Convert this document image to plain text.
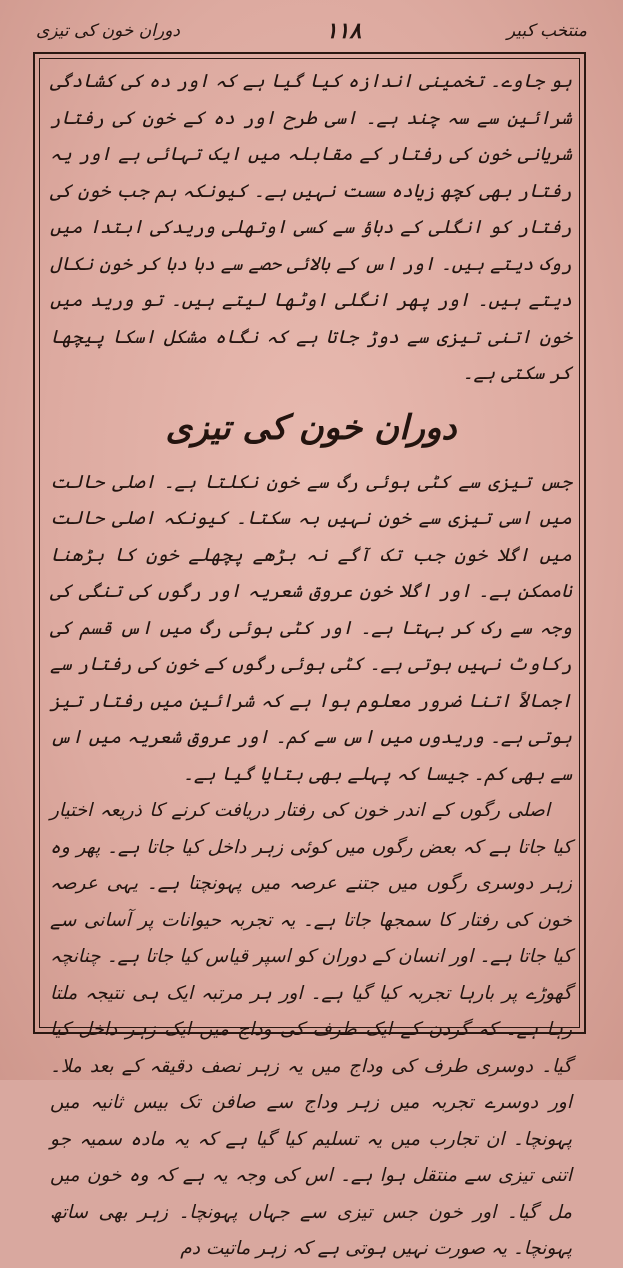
منتخب کبیر
۱۱۸
دوران خون کی تیزی

ہو جاوے۔ تخمینی اندازہ کیا گیا ہے کہ اور دہ کی کشادگی شرائین سے سہ چند ہے۔ اسی طرح اور دہ کے خون کی رفتار شریانی خون کی رفتار کے مقابلہ میں ایک تہائی ہے اور یہ رفتار بھی کچھ زیادہ سست نہیں ہے۔ کیونکہ ہم جب خون کی رفتار کو انگلی کے دباؤ سے کسی اوتھلی وریدکی ابتدا میں روک دیتے ہیں۔ اور اس کے بالائی حصے سے دبا دبا کر خون نکال دیتے ہیں۔ اور پھر انگلی اوٹھا لیتے ہیں۔ تو ورید میں خون اتنی تیزی سے دوڑ جاتا ہے کہ نگاہ مشکل اسکا پیچھا کر سکتی ہے۔

دوران خون کی تیزی

جس تیزی سے کٹی ہوئی رگ سے خون نکلتا ہے۔ اصلی حالت میں اسی تیزی سے خون نہیں بہ سکتا۔ کیونکہ اصلی حالت میں اگلا خون جب تک آگے نہ بڑھے پچھلے خون کا بڑھنا ناممکن ہے۔ اور اگلا خون عروق شعریہ اور رگوں کی تنگی کی وجہ سے رک کر بہتا ہے۔ اور کٹی ہوئی رگ میں اس قسم کی رکاوٹ نہیں ہوتی ہے۔ کٹی ہوئی رگوں کے خون کی رفتار سے اجمالاً اتنا ضرور معلوم ہوا ہے کہ شرائین میں رفتار تیز ہوتی ہے۔ وریدوں میں اس سے کم۔ اور عروق شعریہ میں اس سے بھی کم۔ جیسا کہ پہلے بھی بتایا گیا ہے۔

اصلی رگوں کے اندر خون کی رفتار دریافت کرنے کا ذریعہ اختیار کیا جاتا ہے کہ بعض رگوں میں کوئی زہر داخل کیا جاتا ہے۔ پھر وہ زہر دوسری رگوں میں جتنے عرصہ میں پہونچتا ہے۔ یہی عرصہ خون کی رفتار کا سمجھا جاتا ہے۔ یہ تجربہ حیوانات پر آسانی سے کیا جاتا ہے۔ اور انسان کے دوران کو اسپر قیاس کیا جاتا ہے۔ چنانچہ گھوڑے پر بارہا تجربہ کیا گیا ہے۔ اور ہر مرتبہ ایک ہی نتیجہ ملتا رہا ہے۔ کہ گردن کے ایک طرف کی وداج میں ایک زہر داخل کیا گیا۔ دوسری طرف کی وداج میں یہ زہر نصف دقیقہ کے بعد ملا۔ اور دوسرے تجربہ میں زہر وداج سے صافن تک بیس ثانیہ میں پہونچا۔ ان تجارب میں یہ تسلیم کیا گیا ہے کہ یہ مادہ سمیہ جو اتنی تیزی سے منتقل ہوا ہے۔ اس کی وجہ یہ ہے کہ وہ خون میں مل گیا۔ اور خون جس تیزی سے جہاں پہونچا۔ زہر بھی ساتھ پہونچا۔ یہ صورت نہیں ہوتی ہے کہ زہر ماتیت دم
